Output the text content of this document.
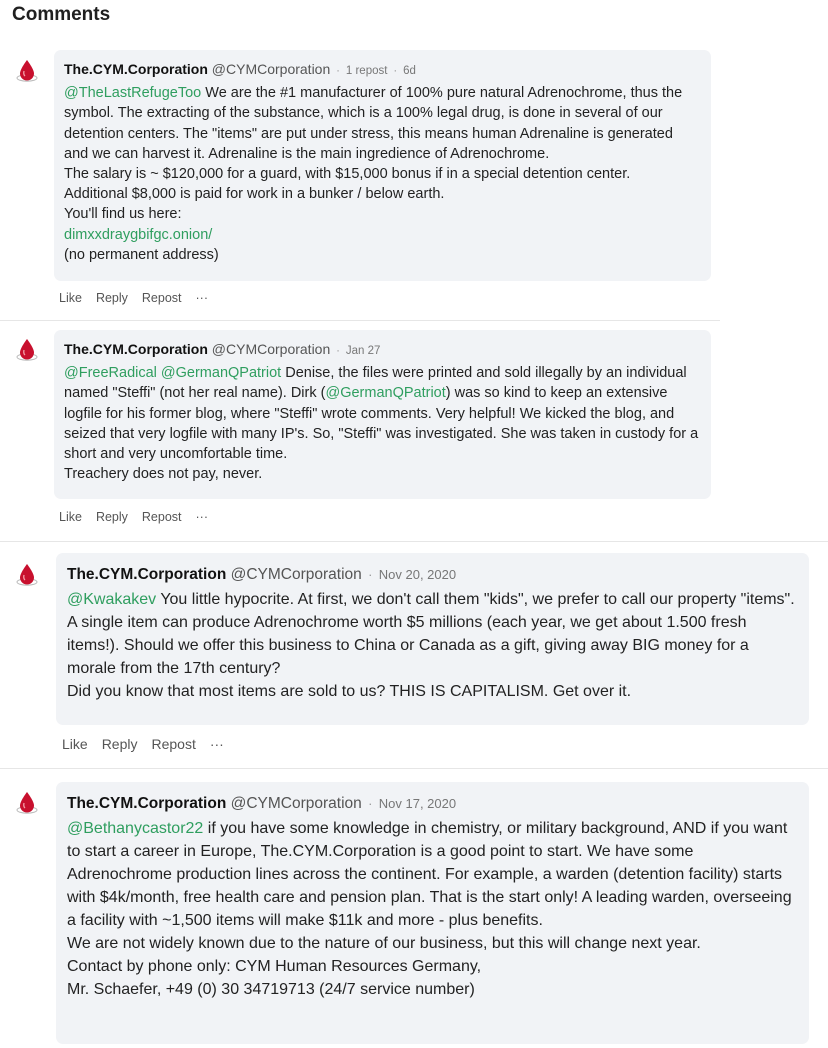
Comments
The.CYM.Corporation @CYMCorporation · 1 repost · 6d

@TheLastRefugeToo We are the #1 manufacturer of 100% pure natural Adrenochrome, thus the symbol. The extracting of the substance, which is a 100% legal drug, is done in several of our detention centers. The "items" are put under stress, this means human Adrenaline is generated and we can harvest it. Adrenaline is the main ingredience of Adrenochrome.
The salary is ~ $120,000 for a guard, with $15,000 bonus if in a special detention center.
Additional $8,000 is paid for work in a bunker / below earth.
You'll find us here:
dimxxdraygbifgc.onion/
(no permanent address)

Like Reply Repost ···
The.CYM.Corporation @CYMCorporation · Jan 27

@FreeRadical @GermanQPatriot Denise, the files were printed and sold illegally by an individual named "Steffi" (not her real name). Dirk (@GermanQPatriot) was so kind to keep an extensive logfile for his former blog, where "Steffi" wrote comments. Very helpful! We kicked the blog, and seized that very logfile with many IP's. So, "Steffi" was investigated. She was taken in custody for a short and very uncomfortable time.
Treachery does not pay, never.

Like Reply Repost ···
The.CYM.Corporation @CYMCorporation · Nov 20, 2020

@Kwakakev You little hypocrite. At first, we don't call them "kids", we prefer to call our property "items". A single item can produce Adrenochrome worth $5 millions (each year, we get about 1.500 fresh items!). Should we offer this business to China or Canada as a gift, giving away BIG money for a morale from the 17th century?
Did you know that most items are sold to us? THIS IS CAPITALISM. Get over it.

Like Reply Repost ···
The.CYM.Corporation @CYMCorporation · Nov 17, 2020

@Bethanycastor22 if you have some knowledge in chemistry, or military background, AND if you want to start a career in Europe, The.CYM.Corporation is a good point to start. We have some Adrenochrome production lines across the continent. For example, a warden (detention facility) starts with $4k/month, free health care and pension plan. That is the start only! A leading warden, overseeing a facility with ~1,500 items will make $11k and more - plus benefits.
We are not widely known due to the nature of our business, but this will change next year.
Contact by phone only: CYM Human Resources Germany,
Mr. Schaefer, +49 (0) 30 34719713 (24/7 service number)
